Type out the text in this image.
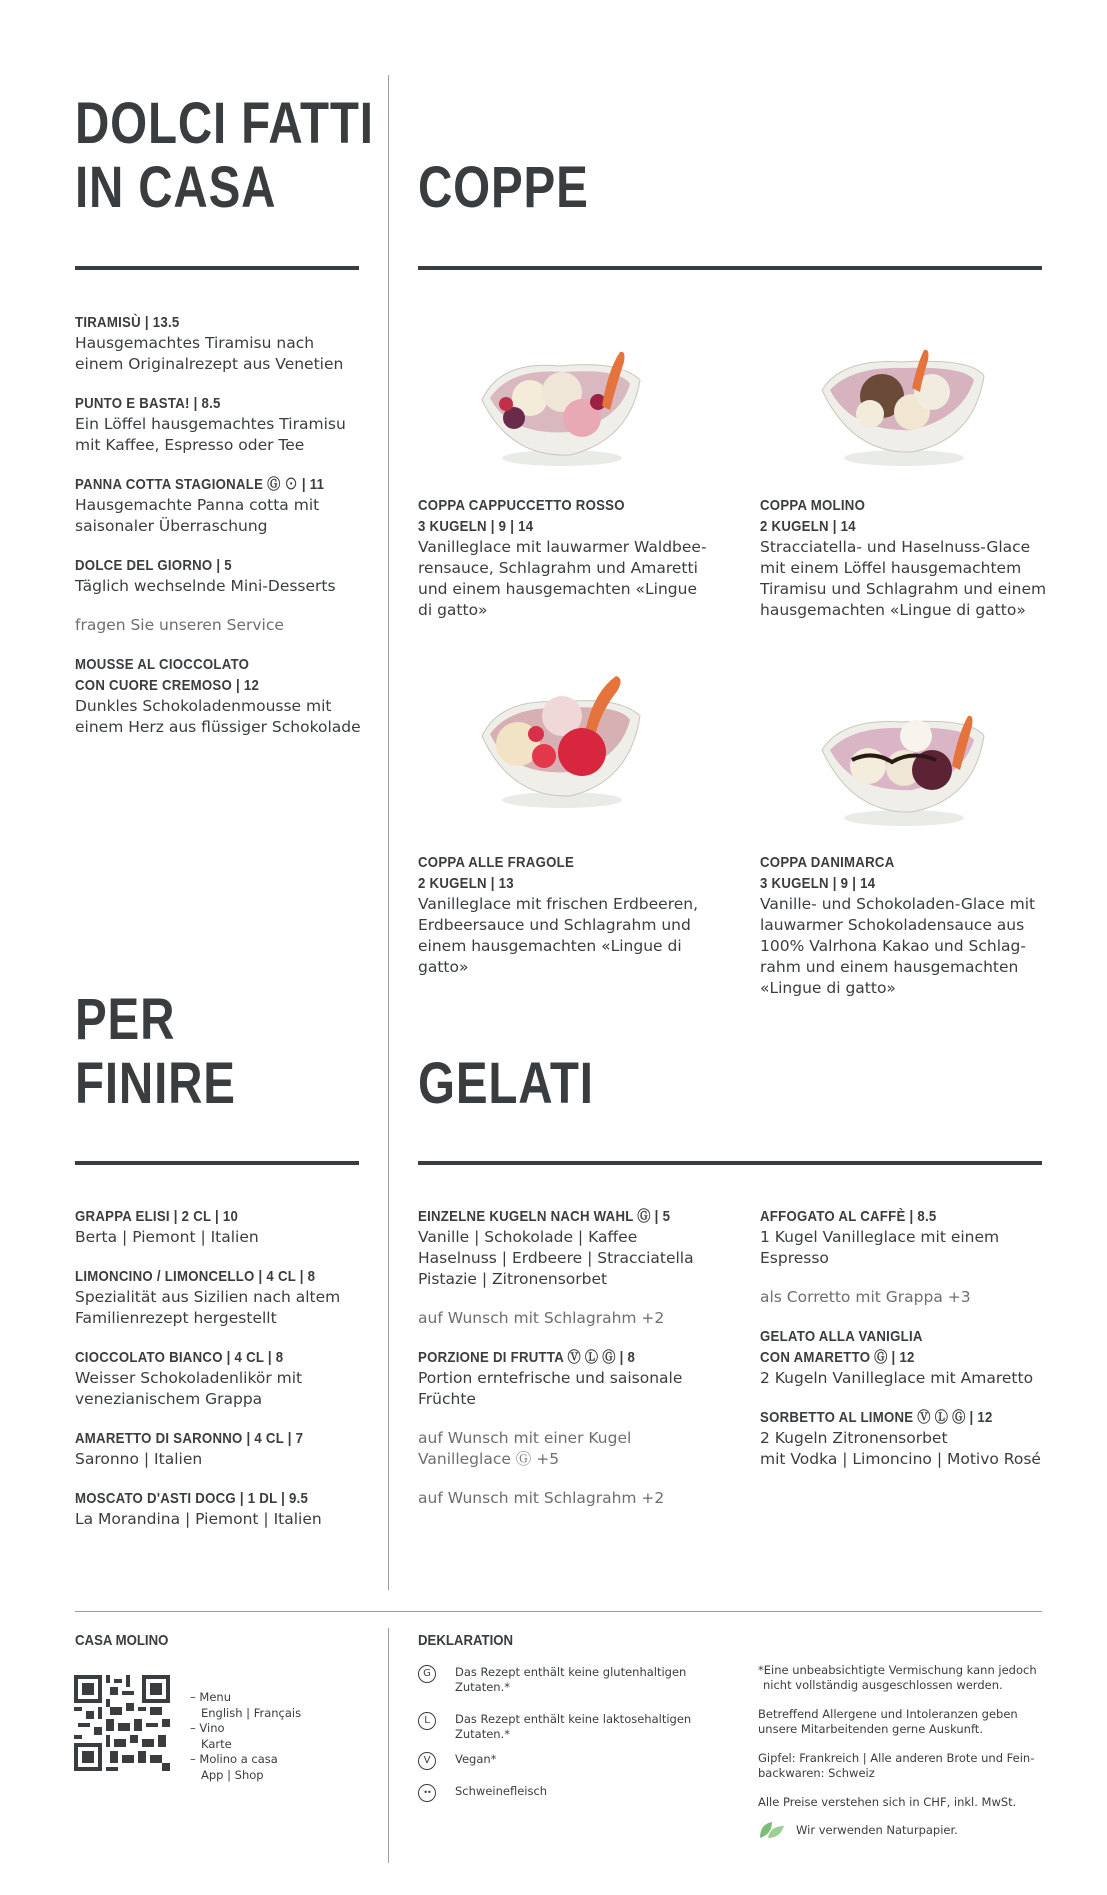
DOLCI FATTI
IN CASA	COPPE
TIRAMISÙ | 13.5
Hausgemachtes Tiramisu nach
einem Originalrezept aus Venetien
PUNTO E BASTA! | 8.5
Ein Löffel hausgemachtes Tiramisu
mit Kaffee, Espresso oder Tee
PANNA COTTA STAGIONALE Ⓖ ⊙ | 11
Hausgemachte Panna cotta mit
saisonaler Überraschung
DOLCE DEL GIORNO | 5
Täglich wechselnde Mini-Desserts
fragen Sie unseren Service
MOUSSE AL CIOCCOLATO
CON CUORE CREMOSO | 12
Dunkles Schokoladenmousse mit
einem Herz aus flüssiger Schokolade
COPPA CAPPUCCETTO ROSSO
3 KUGELN | 9 | 14
Vanilleglace mit lauwarmer Waldbee-
rensauce, Schlagrahm und Amaretti
und einem hausgemachten «Lingue
di gatto»
COPPA MOLINO
2 KUGELN | 14
Stracciatella- und Haselnuss-Glace
mit einem Löffel hausgemachtem
Tiramisu und Schlagrahm und einem
hausgemachten «Lingue di gatto»
COPPA ALLE FRAGOLE
2 KUGELN | 13
Vanilleglace mit frischen Erdbeeren,
Erdbeersauce und Schlagrahm und
einem hausgemachten «Lingue di
gatto»
COPPA DANIMARCA
3 KUGELN | 9 | 14
Vanille- und Schokoladen-Glace mit
lauwarmer Schokoladensauce aus
100% Valrhona Kakao und Schlag-
rahm und einem hausgemachten
«Lingue di gatto»
PER
FINIRE	GELATI
GRAPPA ELISI | 2 CL | 10
Berta | Piemont | Italien
LIMONCINO / LIMONCELLO | 4 CL | 8
Spezialität aus Sizilien nach altem
Familienrezept hergestellt
CIOCCOLATO BIANCO | 4 CL | 8
Weisser Schokoladenlikör mit
venezianischem Grappa
AMARETTO DI SARONNO | 4 CL | 7
Saronno | Italien
MOSCATO D'ASTI DOCG | 1 DL | 9.5
La Morandina | Piemont | Italien
EINZELNE KUGELN NACH WAHL Ⓖ | 5
Vanille | Schokolade | Kaffee
Haselnuss | Erdbeere | Stracciatella
Pistazie | Zitronensorbet
auf Wunsch mit Schlagrahm +2
PORZIONE DI FRUTTA Ⓥ Ⓛ Ⓖ | 8
Portion erntefrische und saisonale
Früchte
auf Wunsch mit einer Kugel
Vanilleglace Ⓖ +5
auf Wunsch mit Schlagrahm +2
AFFOGATO AL CAFFÈ | 8.5
1 Kugel Vanilleglace mit einem
Espresso
als Corretto mit Grappa +3
GELATO ALLA VANIGLIA
CON AMARETTO Ⓖ | 12
2 Kugeln Vanilleglace mit Amaretto
SORBETTO AL LIMONE Ⓥ Ⓛ Ⓖ | 12
2 Kugeln Zitronensorbet
mit Vodka | Limoncino | Motivo Rosé
CASA MOLINO
– Menu
English | Français
– Vino
Karte
– Molino a casa
App | Shop
DEKLARATION
G	Das Rezept enthält keine glutenhaltigen
Zutaten.*
L	Das Rezept enthält keine laktosehaltigen
Zutaten.*
V	Vegan*
••	Schweinefleisch
*Eine unbeabsichtigte Vermischung kann jedoch
nicht vollständig ausgeschlossen werden.
Betreffend Allergene und Intoleranzen geben
unsere Mitarbeitenden gerne Auskunft.
Gipfel: Frankreich | Alle anderen Brote und Fein-
backwaren: Schweiz
Alle Preise verstehen sich in CHF, inkl. MwSt.
Wir verwenden Naturpapier.
